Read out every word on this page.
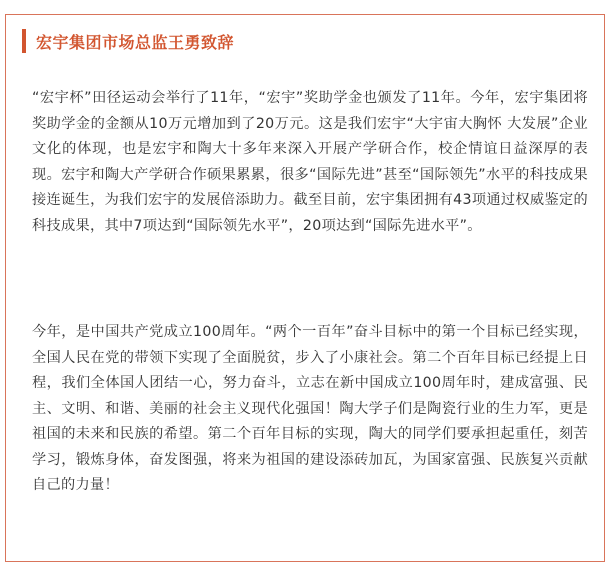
宏宇集团市场总监王勇致辞

“宏宇杯”田径运动会举行了11年，“宏宇”奖助学金也颁发了11年。今年，宏宇集团将奖助学金的金额从10万元增加到了20万元。这是我们宏宇“大宇宙大胸怀 大发展”企业文化的体现，也是宏宇和陶大十多年来深入开展产学研合作，校企情谊日益深厚的表现。宏宇和陶大产学研合作硕果累累，很多“国际先进”甚至“国际领先”水平的科技成果接连诞生，为我们宏宇的发展倍添助力。截至目前，宏宇集团拥有43项通过权威鉴定的科技成果，其中7项达到“国际领先水平”，20项达到“国际先进水平”。

今年，是中国共产党成立100周年。“两个一百年”奋斗目标中的第一个目标已经实现，全国人民在党的带领下实现了全面脱贫，步入了小康社会。第二个百年目标已经提上日程，我们全体国人团结一心，努力奋斗，立志在新中国成立100周年时，建成富强、民主、文明、和谐、美丽的社会主义现代化强国！陶大学子们是陶瓷行业的生力军，更是祖国的未来和民族的希望。第二个百年目标的实现，陶大的同学们要承担起重任，刻苦学习，锻炼身体，奋发图强，将来为祖国的建设添砖加瓦，为国家富强、民族复兴贡献自己的力量！
